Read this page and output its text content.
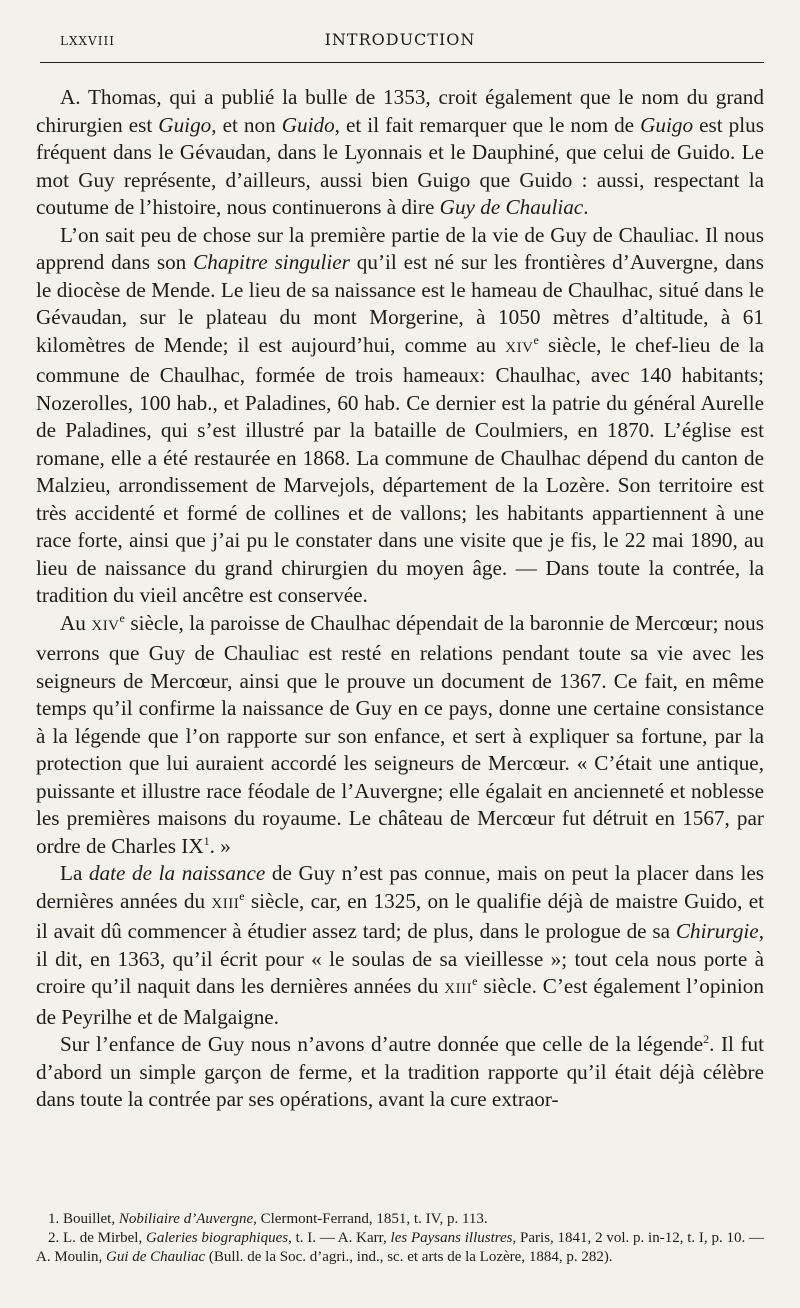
LXXVIII	INTRODUCTION

A. Thomas, qui a publié la bulle de 1353, croit également que le nom du grand chirurgien est Guigo, et non Guido, et il fait remarquer que le nom de Guigo est plus fréquent dans le Gévaudan, dans le Lyonnais et le Dauphiné, que celui de Guido. Le mot Guy représente, d’ailleurs, aussi bien Guigo que Guido : aussi, respectant la coutume de l’histoire, nous continuerons à dire Guy de Chauliac.

L’on sait peu de chose sur la première partie de la vie de Guy de Chauliac. Il nous apprend dans son Chapitre singulier qu’il est né sur les frontières d’Auvergne, dans le diocèse de Mende. Le lieu de sa naissance est le hameau de Chaulhac, situé dans le Gévaudan, sur le plateau du mont Morgerine, à 1050 mètres d’altitude, à 61 kilomètres de Mende; il est aujourd’hui, comme au XIVe siècle, le chef-lieu de la commune de Chaulhac, formée de trois hameaux: Chaulhac, avec 140 habitants; Nozerolles, 100 hab., et Paladines, 60 hab. Ce dernier est la patrie du général Aurelle de Paladines, qui s’est illustré par la bataille de Coulmiers, en 1870. L’église est romane, elle a été restaurée en 1868. La commune de Chaulhac dépend du canton de Malzieu, arrondissement de Marvejols, département de la Lozère. Son territoire est très accidenté et formé de collines et de vallons; les habitants appartiennent à une race forte, ainsi que j’ai pu le constater dans une visite que je fis, le 22 mai 1890, au lieu de naissance du grand chirurgien du moyen âge. — Dans toute la contrée, la tradition du vieil ancêtre est conservée.

Au XIVe siècle, la paroisse de Chaulhac dépendait de la baronnie de Mercœur; nous verrons que Guy de Chauliac est resté en relations pendant toute sa vie avec les seigneurs de Mercœur, ainsi que le prouve un document de 1367. Ce fait, en même temps qu’il confirme la naissance de Guy en ce pays, donne une certaine consistance à la légende que l’on rapporte sur son enfance, et sert à expliquer sa fortune, par la protection que lui auraient accordé les seigneurs de Mercœur. « C’était une antique, puissante et illustre race féodale de l’Auvergne; elle égalait en ancienneté et noblesse les premières maisons du royaume. Le château de Mercœur fut détruit en 1567, par ordre de Charles $IX^1$. »

La date de la naissance de Guy n’est pas connue, mais on peut la placer dans les dernières années du XIIIe siècle, car, en 1325, on le qualifie déjà de maistre Guido, et il avait dû commencer à étudier assez tard; de plus, dans le prologue de sa Chirurgie, il dit, en 1363, qu’il écrit pour « le soulas de sa vieillesse »; tout cela nous porte à croire qu’il naquit dans les dernières années du XIIIe siècle. C’est également l’opinion de Peyrilhe et de Malgaigne.

Sur l’enfance de Guy nous n’avons d’autre donnée que celle de la légende$^2$. Il fut d’abord un simple garçon de ferme, et la tradition rapporte qu’il était déjà célèbre dans toute la contrée par ses opérations, avant la cure extraor-

1. Bouillet, Nobiliaire d’Auvergne, Clermont-Ferrand, 1851, t. IV, p. 113.

2. L. de Mirbel, Galeries biographiques, t. I. — A. Karr, les Paysans illustres, Paris, 1841, 2 vol. p. in-12, t. I, p. 10. — A. Moulin, Gui de Chauliac (Bull. de la Soc. d’agri., ind., sc. et arts de la Lozère, 1884, p. 282).
